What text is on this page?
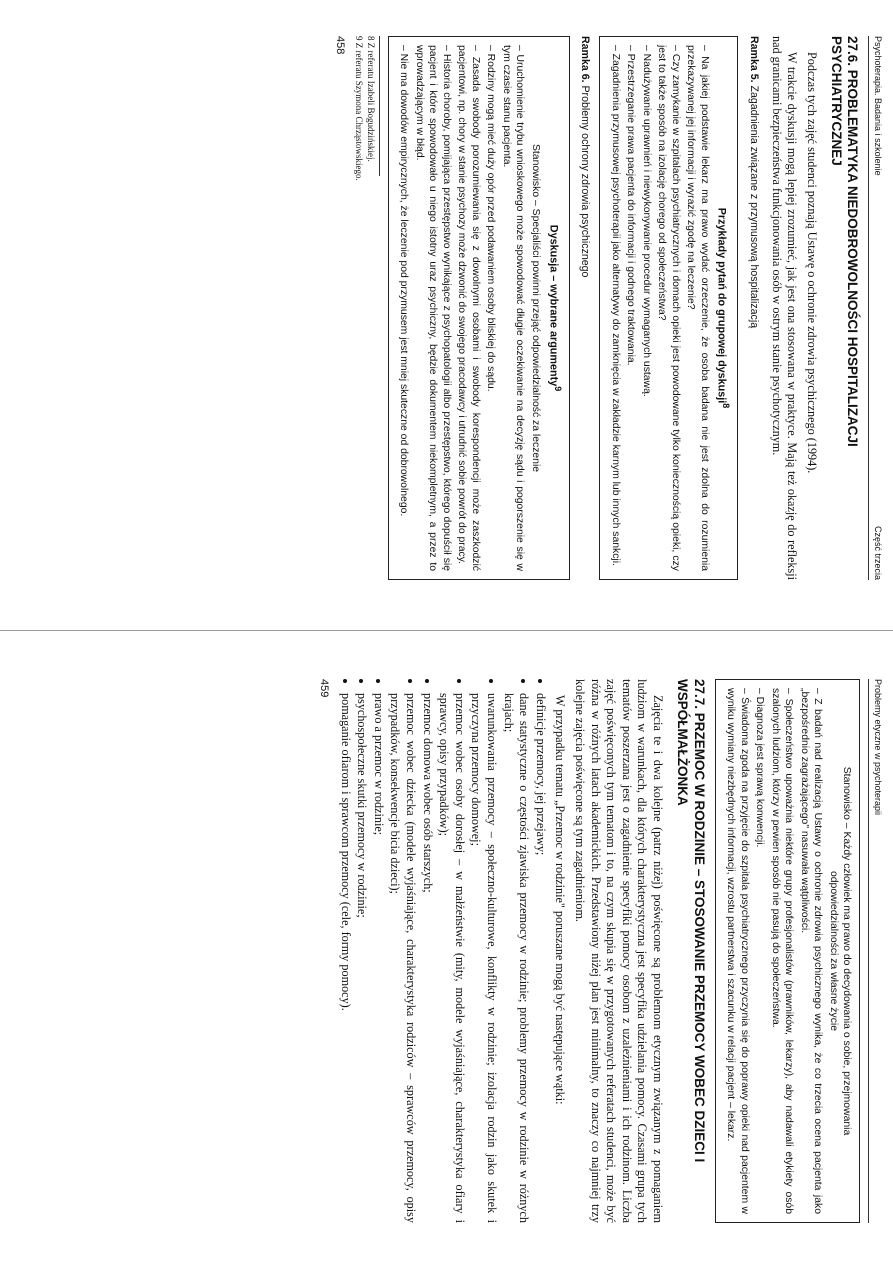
Psychoterapia. Badania i szkolenie
Część trzecia
27.6. PROBLEMATYKA NIEDOBROWOLNOŚCI HOSPITALIZACJI PSYCHIATRYCZNEJ

Podczas tych zajęć studenci poznają Ustawę o ochronie zdrowia psychicznego (1994).

W trakcie dyskusji mogą lepiej zrozumieć, jak jest ona stosowana w praktyce. Mają też okazję do refleksji nad granicami bezpieczeństwa funkcjonowania osób w ostrym stanie psychotycznym.

Ramka 5. Zagadnienia związane z przymusową hospitalizacją
Przykłady pytań do grupowej dyskusji$^8$
– Na jakiej podstawie lekarz ma prawo wydać orzeczenie, że osoba badana nie jest zdolna do rozumienia przekazywanej jej informacji i wyrazić zgodę na leczenie?
– Czy zamykanie w szpitalach psychiatrycznych i domach opieki jest powodowane tylko koniecznością opieki, czy jest to także sposób na izolację chorego od społeczeństwa?
– Nadużywanie uprawnień i niewykonywanie procedur wymaganych ustawą.
– Przestrzeganie prawa pacjenta do informacji i godnego traktowania.
– Zagadnienia przymusowej psychoterapii jako alternatywy do zamknięcia w zakładzie karnym lub innych sankcji.
Ramka 6. Problemy ochrony zdrowia psychicznego
Dyskusja – wybrane argumenty$^9$
Stanowisko – Specjaliści powinni przejąć odpowiedzialność za leczenie
– Uruchomienie trybu wnioskowego może spowodować długie oczekiwanie na decyzję sądu i pogorszenie się w tym czasie stanu pacjenta.
– Rodziny mogą mieć duży opór przed podawaniem osoby bliskiej do sądu.
– Zasada swobody porozumiewania się z dowolnymi osobami i swobody korespondencji może zaszkodzić pacjentowi, np. chory w stanie psychozy może dzwonić do swojego pracodawcy i utrudnić sobie powrót do pracy.
– Historia choroby, pomijająca przestępstwo wynikające z psychopatologii albo przestępstwo, którego dopuścił się pacjent i które spowodowało u niego istotny uraz psychiczny, będzie dokumentem niekompletnym, a przez to wprowadzającym w błąd.
– Nie ma dowodów empirycznych, że leczenie pod przymusem jest mniej skuteczne od dobrowolnego.
8 Z referatu Izabeli Bogudzińskiej.
9 Z referatu Szymona Chrząstowskiego.
458
Problemy etyczne w psychoterapii
Stanowisko – Każdy człowiek ma prawo do decydowania o sobie, przejmowania
odpowiedzialności za własne życie
– Z badań nad realizacją Ustawy o ochronie zdrowia psychicznego wynika, że co trzecia ocena pacjenta jako „bezpośrednio zagrażającego" nasuwała wątpliwości.
– Społeczeństwo upoważnia niektóre grupy profesjonalistów (prawników, lekarzy), aby nadawali etykiety osób szalonych ludziom, którzy w pewien sposób nie pasują do społeczeństwa.
– Diagnoza jest sprawą konwencji.
– Świadoma zgoda na przyjęcie do szpitala psychiatrycznego przyczynia się do poprawy opieki nad pacjentem w wyniku wymiany niezbędnych informacji, wzrostu partnerstwa i szacunku w relacji pacjent – lekarz.
27.7. PRZEMOC W RODZINIE – STOSOWANIE PRZEMOCY WOBEC DZIECI I WSPÓŁMAŁŻONKA

Zajęcia te i dwa kolejne (patrz niżej) poświęcone są problemom etycznym związanym z pomaganiem ludziom w warunkach, dla których charakterystyczna jest specyfika udzielania pomocy. Czasami grupa tych tematów poszerzana jest o zagadnienie specyfiki pomocy osobom z uzależnieniami i ich rodzinom. Liczba zajęć poświęconych tym tematom i to, na czym skupia się w przygotowanych referatach studenci, może być różna w różnych latach akademickich. Przedstawiony niżej plan jest minimalny, to znaczy co najmniej trzy kolejne zajęcia poświęcone są tym zagadnieniom.

W przypadku tematu „Przemoc w rodzinie" poruszane mogą być następujące wątki:

• definicje przemocy, jej przejawy;
• dane statystyczne o częstości zjawiska przemocy w rodzinie; problemy przemocy w rodzinie w różnych krajach;
• uwarunkowania przemocy – społeczno-kulturowe, konflikty w rodzinie; izolacja rodzin jako skutek i przyczyna przemocy domowej;
• przemoc wobec osoby dorosłej – w małżeństwie (mity, modele wyjaśniające, charakterystyka ofiary i sprawcy, opisy przypadków);
• przemoc domowa wobec osób starszych;
• przemoc wobec dziecka (modele wyjaśniające, charakterystyka rodziców – sprawców przemocy, opisy przypadków, konsekwencje bicia dzieci);
• prawo a przemoc w rodzinie;
• psychospołeczne skutki przemocy w rodzinie;
• pomaganie ofiarom i sprawcom przemocy (cele, formy pomocy).
459
